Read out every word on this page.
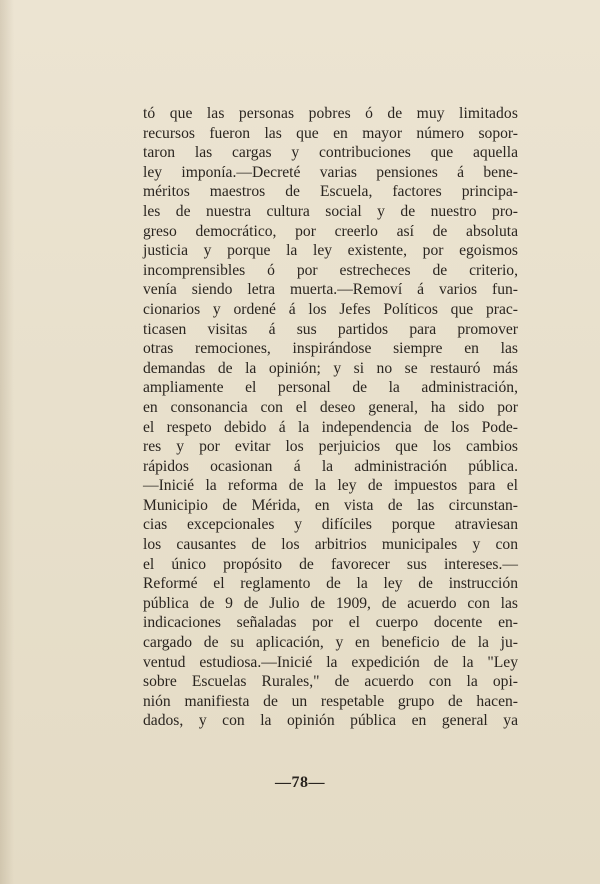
tó que las personas pobres ó de muy limitados
recursos fueron las que en mayor número sopor-
taron las cargas y contribuciones que aquella
ley imponía.—Decreté varias pensiones á bene-
méritos maestros de Escuela, factores principa-
les de nuestra cultura social y de nuestro pro-
greso democrático, por creerlo así de absoluta
justicia y porque la ley existente, por egoismos
incomprensibles ó por estrecheces de criterio,
venía siendo letra muerta.—Removí á varios fun-
cionarios y ordené á los Jefes Políticos que prac-
ticasen visitas á sus partidos para promover
otras remociones, inspirándose siempre en las
demandas de la opinión; y si no se restauró más
ampliamente el personal de la administración,
en consonancia con el deseo general, ha sido por
el respeto debido á la independencia de los Pode-
res y por evitar los perjuicios que los cambios
rápidos ocasionan á la administración pública.
—Inicié la reforma de la ley de impuestos para el
Municipio de Mérida, en vista de las circunstan-
cias excepcionales y difíciles porque atraviesan
los causantes de los arbitrios municipales y con
el único propósito de favorecer sus intereses.—
Reformé el reglamento de la ley de instrucción
pública de 9 de Julio de 1909, de acuerdo con las
indicaciones señaladas por el cuerpo docente en-
cargado de su aplicación, y en beneficio de la ju-
ventud estudiosa.—Inicié la expedición de la "Ley
sobre Escuelas Rurales," de acuerdo con la opi-
nión manifiesta de un respetable grupo de hacen-
dados, y con la opinión pública en general ya
—78—
